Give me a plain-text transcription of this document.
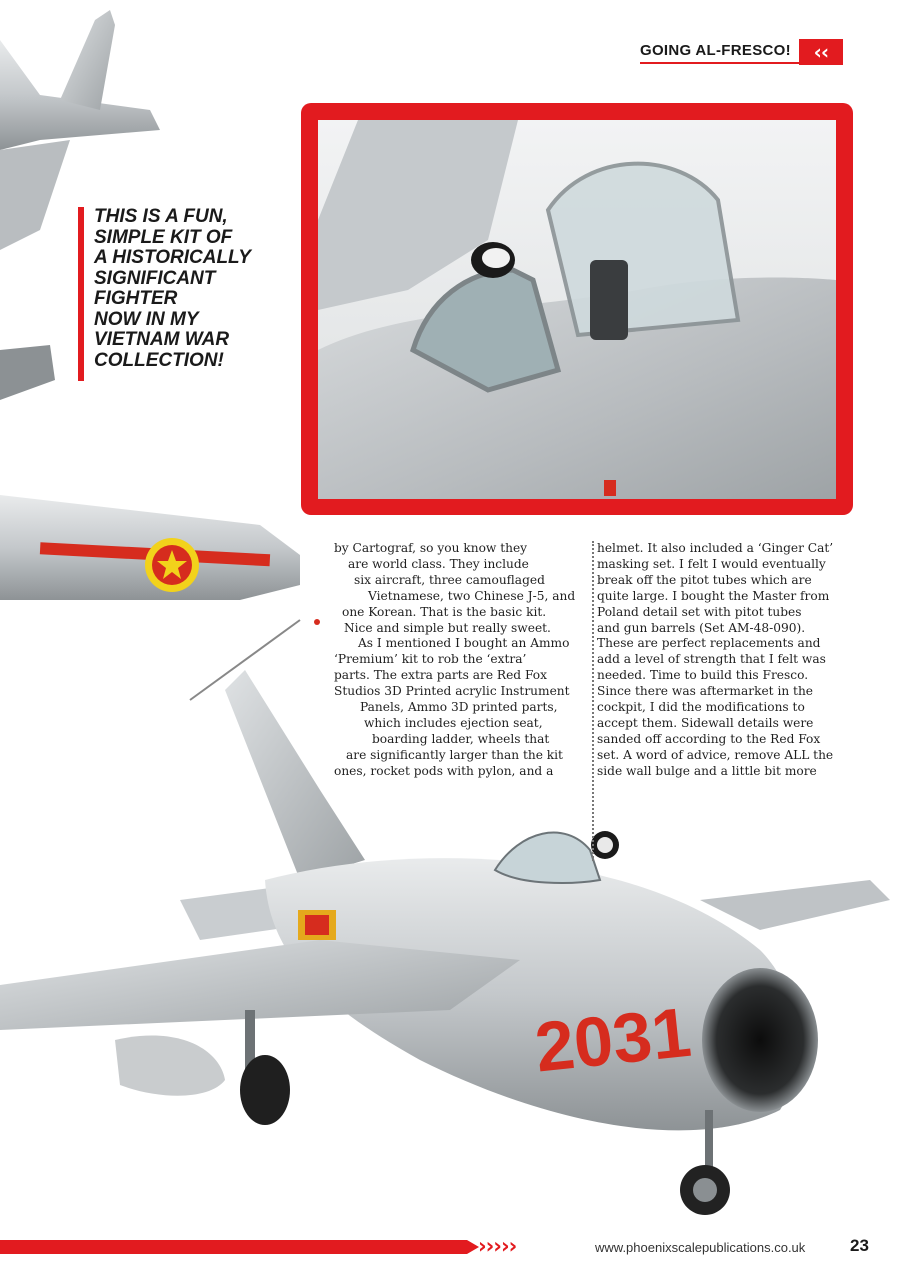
GOING AL-FRESCO!	‹‹
2031
THIS IS A FUN,
SIMPLE KIT OF
A HISTORICALLY
SIGNIFICANT
FIGHTER
NOW IN MY
VIETNAM WAR
COLLECTION!
by Cartograf, so you know they
are world class. They include
six aircraft, three camouflaged
Vietnamese, two Chinese J-5, and
one Korean. That is the basic kit.
Nice and simple but really sweet.
As I mentioned I bought an Ammo
‘Premium’ kit to rob the ‘extra’
parts. The extra parts are Red Fox
Studios 3D Printed acrylic Instrument
Panels, Ammo 3D printed parts,
which includes ejection seat,
boarding ladder, wheels that
are significantly larger than the kit
ones, rocket pods with pylon, and a
helmet. It also included a ‘Ginger Cat’
masking set. I felt I would eventually
break off the pitot tubes which are
quite large. I bought the Master from
Poland detail set with pitot tubes
and gun barrels (Set AM-48-090).
These are perfect replacements and
add a level of strength that I felt was
needed. Time to build this Fresco.
Since there was aftermarket in the
cockpit, I did the modifications to
accept them. Sidewall details were
sanded off according to the Red Fox
set. A word of advice, remove ALL the
side wall bulge and a little bit more
›››››	www.phoenixscalepublications.co.uk	23
